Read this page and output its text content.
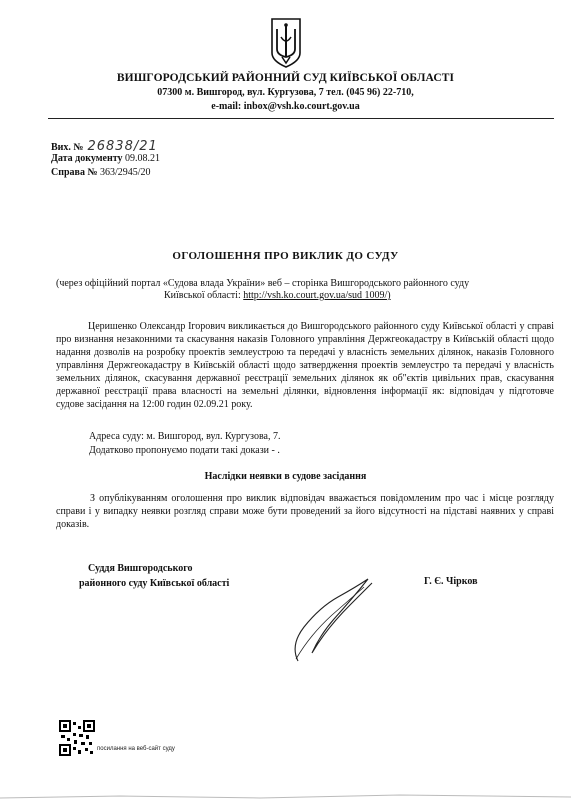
ВИШГОРОДСЬКИЙ РАЙОННИЙ СУД КИЇВСЬКОЇ ОБЛАСТІ
07300 м. Вишгород, вул. Кургузова, 7 тел. (045 96) 22-710,
e-mail: inbox@vsh.ko.court.gov.ua
Вих. № 26838/21
Дата документу 09.08.21
Справа № 363/2945/20
ОГОЛОШЕННЯ ПРО ВИКЛИК ДО СУДУ
(через офіційний портал «Судова влада України» веб – сторінка Вишгородського районного суду
Київської області: http://vsh.ko.court.gov.ua/sud 1009/)

Церишенко Олександр Ігорович викликається до Вишгородського районного суду Київської області у справі про визнання незаконними та скасування наказів Головного управління Держгеокадастру в Київській області щодо надання дозволів на розробку проектів землеустрою та передачі у власність земельних ділянок, наказів Головного управління Держгеокадастру в Київській області щодо затвердження проектів землеустро та передачі у власність земельних ділянок, скасування державної реєстрації земельних ділянок як об"єктів цивільних прав, скасування державної реєстрації права власності на земельні ділянки, відновлення інформації як: відповідач у підготовче судове засідання на 12:00 годин 02.09.21 року.

Адреса суду: м. Вишгород, вул. Кургузова, 7.
Додатково пропонуємо подати такі докази - .
Наслідки неявки в судове засідання
З опублікуванням оголошення про виклик відповідач вважається повідомленим про час і місце розгляду справи і у випадку неявки розгляд справи може бути проведений за його відсутності на підставі наявних у справі доказів.
Суддя Вишгородського
районного суду Київської області	Г. Є. Чірков
посилання на веб-сайт суду
